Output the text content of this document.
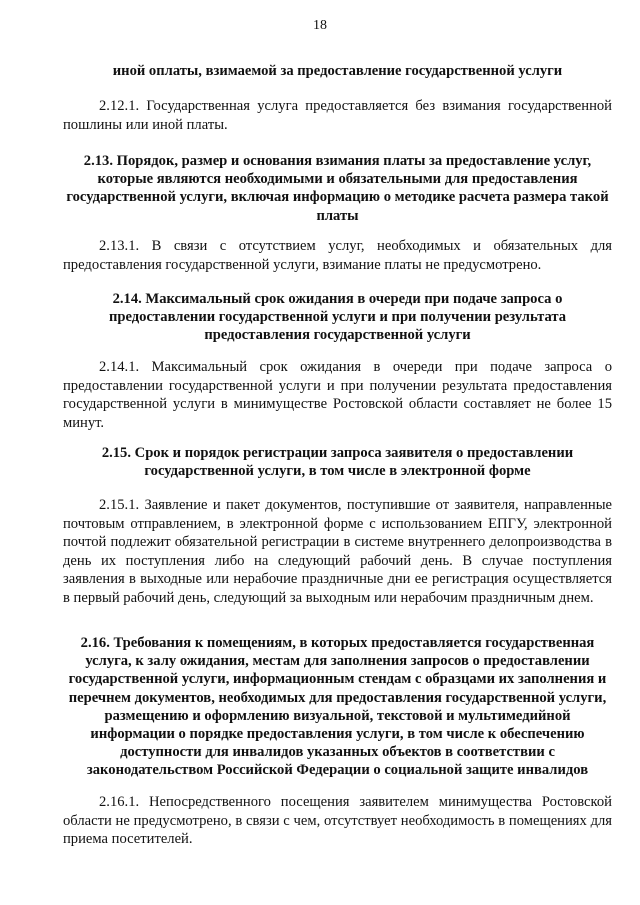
18
иной оплаты, взимаемой за предоставление государственной услуги
2.12.1. Государственная услуга предоставляется без взимания государственной пошлины или иной платы.
2.13. Порядок, размер и основания взимания платы за предоставление услуг, которые являются необходимыми и обязательными для предоставления государственной услуги, включая информацию о методике расчета размера такой платы
2.13.1. В связи с отсутствием услуг, необходимых и обязательных для предоставления государственной услуги, взимание платы не предусмотрено.
2.14. Максимальный срок ожидания в очереди при подаче запроса о предоставлении государственной услуги и при получении результата предоставления государственной услуги
2.14.1. Максимальный срок ожидания в очереди при подаче запроса о предоставлении государственной услуги и при получении результата предоставления государственной услуги в минимуществе Ростовской области составляет не более 15 минут.
2.15. Срок и порядок регистрации запроса заявителя о предоставлении государственной услуги, в том числе в электронной форме
2.15.1. Заявление и пакет документов, поступившие от заявителя, направленные почтовым отправлением, в электронной форме с использованием ЕПГУ, электронной почтой подлежит обязательной регистрации в системе внутреннего делопроизводства в день их поступления либо на следующий рабочий день. В случае поступления заявления в выходные или нерабочие праздничные дни ее регистрация осуществляется в первый рабочий день, следующий за выходным или нерабочим праздничным днем.
2.16. Требования к помещениям, в которых предоставляется государственная услуга, к залу ожидания, местам для заполнения запросов о предоставлении государственной услуги, информационным стендам с образцами их заполнения и перечнем документов, необходимых для предоставления государственной услуги, размещению и оформлению визуальной, текстовой и мультимедийной информации о порядке предоставления услуги, в том числе к обеспечению доступности для инвалидов указанных объектов в соответствии с законодательством Российской Федерации о социальной защите инвалидов
2.16.1. Непосредственного посещения заявителем минимущества Ростовской области не предусмотрено, в связи с чем, отсутствует необходимость в помещениях для приема посетителей.
